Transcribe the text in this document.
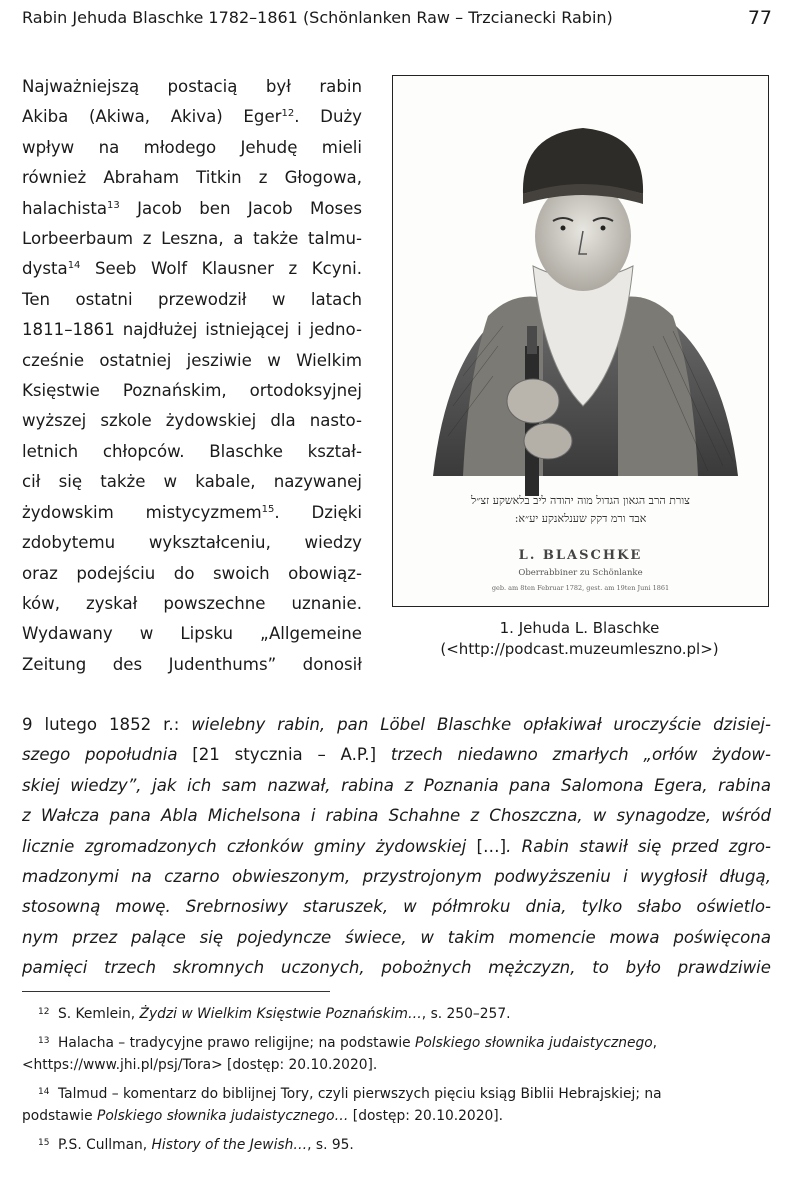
Rabin Jehuda Blaschke 1782–1861 (Schönlanken Raw – Trzcianecki Rabin)	77
Najważniejszą postacią był rabin
Akiba (Akiwa, Akiva) Eger$^{12}$. Duży
wpływ na młodego Jehudę mieli
również Abraham Titkin z Głogowa,
halachista$^{13}$ Jacob ben Jacob Moses
Lorbeerbaum z Leszna, a także talmu-
dysta$^{14}$ Seeb Wolf Klausner z Kcyni.
Ten ostatni przewodził w latach
1811–1861 najdłużej istniejącej i jedno-
cześnie ostatniej jesziwie w Wielkim
Księstwie Poznańskim, ortodoksyjnej
wyższej szkole żydowskiej dla nasto-
letnich chłopców. Blaschke kształ-
cił się także w kabale, nazywanej
żydowskim mistycyzmem$^{15}$. Dzięki
zdobytemu wykształceniu, wiedzy
oraz podejściu do swoich obowiąz-
ków, zyskał powszechne uznanie.
Wydawany w Lipsku „Allgemeine
Zeitung des Judenthums” donosił
צורת הרב הגאון הגדול מוה יהודה ליב בלאשקע זצ״ל
אבד ורמ דקק שענלאנקע יע״א:
L. BLASCHKE
Oberrabbiner zu Schönlanke
geb. am 8ten Februar 1782, gest. am 19ten Juni 1861
1. Jehuda L. Blaschke
(<http://podcast.muzeumleszno.pl>)
9 lutego 1852 r.: wielebny rabin, pan Löbel Blaschke opłakiwał uroczyście dzisiej-
szego popołudnia [21 stycznia – A.P.] trzech niedawno zmarłych „orłów żydow-
skiej wiedzy”, jak ich sam nazwał, rabina z Poznania pana Salomona Egera, rabina
z Wałcza pana Abla Michelsona i rabina Schahne z Choszczna, w synagodze, wśród
licznie zgromadzonych członków gminy żydowskiej […]. Rabin stawił się przed zgro-
madzonymi na czarno obwieszonym, przystrojonym podwyższeniu i wygłosił długą,
stosowną mowę. Srebrnosiwy staruszek, w półmroku dnia, tylko słabo oświetlo-
nym przez palące się pojedyncze świece, w takim momencie mowa poświęcona
pamięci trzech skromnych uczonych, pobożnych mężczyzn, to było prawdziwie
$^{12}$ S. Kemlein, Żydzi w Wielkim Księstwie Poznańskim…, s. 250–257.
$^{13}$ Halacha – tradycyjne prawo religijne; na podstawie Polskiego słownika judaistycznego,
<https://www.jhi.pl/psj/Tora> [dostęp: 20.10.2020].
$^{14}$ Talmud – komentarz do biblijnej Tory, czyli pierwszych pięciu ksiąg Biblii Hebrajskiej; na
podstawie Polskiego słownika judaistycznego… [dostęp: 20.10.2020].
$^{15}$ P.S. Cullman, History of the Jewish…, s. 95.
